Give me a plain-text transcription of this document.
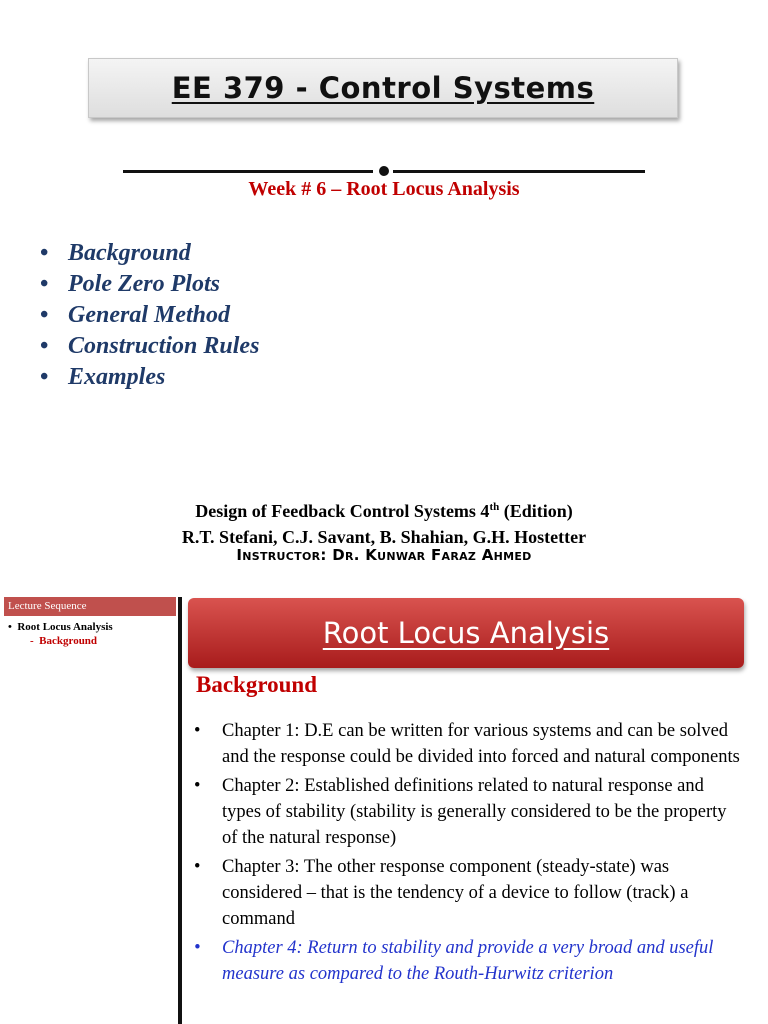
EE 379 - Control Systems
Week # 6 – Root Locus Analysis
• Background
• Pole Zero Plots
• General Method
• Construction Rules
• Examples
Design of Feedback Control Systems 4th (Edition)
R.T. Stefani, C.J. Savant, B. Shahian, G.H. Hostetter
Instructor: Dr. Kunwar Faraz Ahmed
Lecture Sequence
•  Root Locus Analysis
-  Background	Root Locus Analysis
Background
• Chapter 1: D.E can be written for various systems and can be solved and the response could be divided into forced and natural components
• Chapter 2: Established definitions related to natural response and types of stability (stability is generally considered to be the property of the natural response)
• Chapter 3: The other response component (steady-state) was considered – that is the tendency of a device to follow (track) a command
• Chapter 4: Return to stability and provide a very broad and useful measure as compared to the Routh-Hurwitz criterion
